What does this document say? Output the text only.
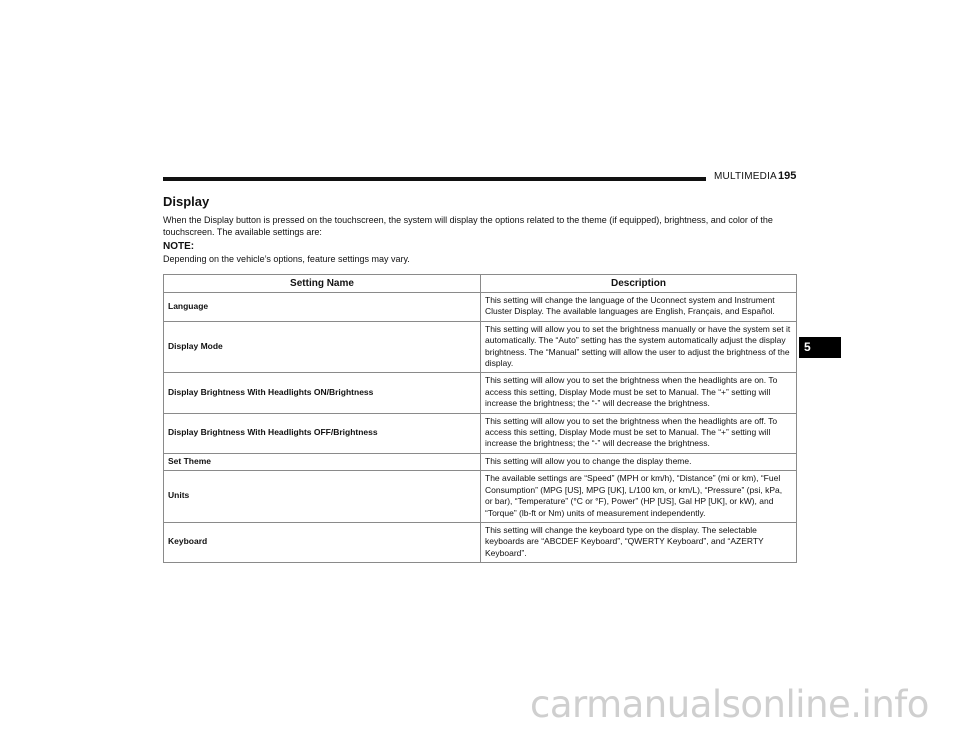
MULTIMEDIA 195
Display

When the Display button is pressed on the touchscreen, the system will display the options related to the theme (if equipped), brightness, and color of the touchscreen. The available settings are:

NOTE:
Depending on the vehicle’s options, feature settings may vary.
Setting Name	Description
Language	This setting will change the language of the Uconnect system and Instrument Cluster Display. The available languages are English, Français, and Español.
Display Mode	This setting will allow you to set the brightness manually or have the system set it automatically. The “Auto” setting has the system automatically adjust the display brightness. The “Manual” setting will allow the user to adjust the brightness of the display.
Display Brightness With Headlights ON/Brightness	This setting will allow you to set the brightness when the headlights are on. To access this setting, Display Mode must be set to Manual. The “+” setting will increase the brightness; the “-” will decrease the brightness.
Display Brightness With Headlights OFF/Brightness	This setting will allow you to set the brightness when the headlights are off. To access this setting, Display Mode must be set to Manual. The “+” setting will increase the brightness; the “-” will decrease the brightness.
Set Theme	This setting will allow you to change the display theme.
Units	The available settings are “Speed” (MPH or km/h), “Distance” (mi or km), “Fuel Consumption” (MPG [US], MPG [UK], L/100 km, or km/L), “Pressure” (psi, kPa, or bar), “Temperature” (°C or °F), Power” (HP [US], Gal HP [UK], or kW), and “Torque” (lb-ft or Nm) units of measurement independently.
Keyboard	This setting will change the keyboard type on the display. The selectable keyboards are “ABCDEF Keyboard”, “QWERTY Keyboard”, and “AZERTY Keyboard”.
5
carmanualsonline.info
